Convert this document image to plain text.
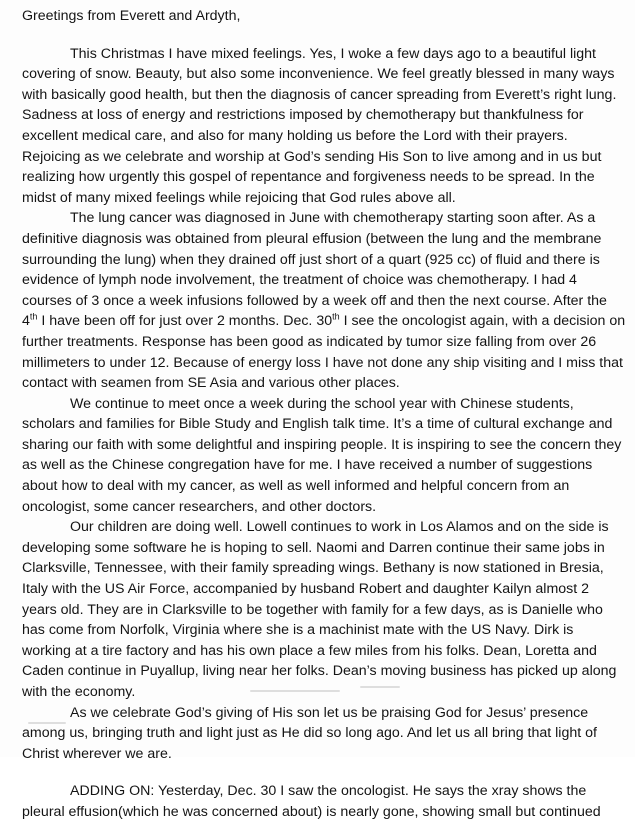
Greetings from Everett and Ardyth,

This Christmas I have mixed feelings. Yes, I woke a few days ago to a beautiful light covering of snow. Beauty, but also some inconvenience. We feel greatly blessed in many ways with basically good health, but then the diagnosis of cancer spreading from Everett’s right lung. Sadness at loss of energy and restrictions imposed by chemotherapy but thankfulness for excellent medical care, and also for many holding us before the Lord with their prayers. Rejoicing as we celebrate and worship at God’s sending His Son to live among and in us but realizing how urgently this gospel of repentance and forgiveness needs to be spread. In the midst of many mixed feelings while rejoicing that God rules above all.

The lung cancer was diagnosed in June with chemotherapy starting soon after. As a definitive diagnosis was obtained from pleural effusion (between the lung and the membrane surrounding the lung) when they drained off just short of a quart (925 cc) of fluid and there is evidence of lymph node involvement, the treatment of choice was chemotherapy. I had 4 courses of 3 once a week infusions followed by a week off and then the next course. After the 4th I have been off for just over 2 months. Dec. 30th I see the oncologist again, with a decision on further treatments. Response has been good as indicated by tumor size falling from over 26 millimeters to under 12. Because of energy loss I have not done any ship visiting and I miss that contact with seamen from SE Asia and various other places.

We continue to meet once a week during the school year with Chinese students, scholars and families for Bible Study and English talk time. It’s a time of cultural exchange and sharing our faith with some delightful and inspiring people. It is inspiring to see the concern they as well as the Chinese congregation have for me. I have received a number of suggestions about how to deal with my cancer, as well as well informed and helpful concern from an oncologist, some cancer researchers, and other doctors.

Our children are doing well. Lowell continues to work in Los Alamos and on the side is developing some software he is hoping to sell. Naomi and Darren continue their same jobs in Clarksville, Tennessee, with their family spreading wings. Bethany is now stationed in Bresia, Italy with the US Air Force, accompanied by husband Robert and daughter Kailyn almost 2 years old. They are in Clarksville to be together with family for a few days, as is Danielle who has come from Norfolk, Virginia where she is a machinist mate with the US Navy. Dirk is working at a tire factory and has his own place a few miles from his folks. Dean, Loretta and Caden continue in Puyallup, living near her folks. Dean’s moving business has picked up along with the economy.

As we celebrate God’s giving of His son let us be praising God for Jesus’ presence among us, bringing truth and light just as He did so long ago. And let us all bring that light of Christ wherever we are.

ADDING ON: Yesterday, Dec. 30 I saw the oncologist. He says the xray shows the pleural effusion(which he was concerned about) is nearly gone, showing small but continued
